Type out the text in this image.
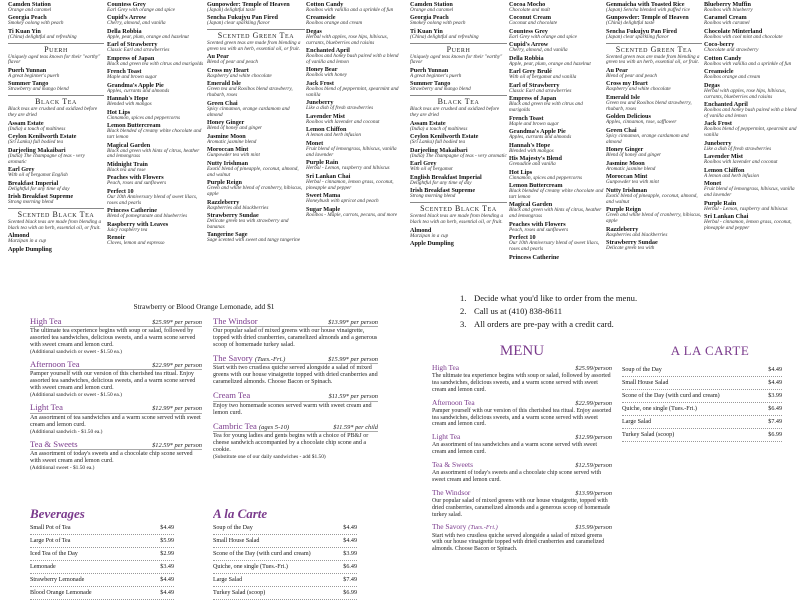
Camden Station
Orange and caramel
Georgia Peach
Smokey oolong with peach
Ti Kuan Yin
(China) delightful and refreshing
Puerh
Uniquely aged teas known for their "earthy" flavor
Puerh Yunnan
A great beginner's puerh
Summer Tango
Strawberry and mango blend
Black Tea
Black teas are crushed and oxidized before they are dried
Assam Estate
(India) a touch of maltiness
Ceylon Kenilworth Estate
(Sri Lanka) full bodied tea
Darjeeling Makaibari
(India) The champagne of teas - very aromatic
Earl Grey
With oil of bergamot English
Breakfast Imperial
Delightful for any time of day
Irish Breakfast Supreme
Strong morning blend
Scented Black Tea
Scented black teas are made from blending a black tea with an herb, essential oil, or fruit.
Almond
Marzipan in a cup
Apple Dumpling
Countess Grey
Earl Grey with orange and spice
Cupid's Arrow
Cherry, almond, and vanilla
Della Robbia
Apple, pear, plum, orange and hazelnut
Earl of Strawberry
Classic Earl and strawberries
Empress of Japan
Black and green tea with citrus and marigolds
French Toast
Maple and brown sugar
Grandma's Apple Pie
Apples, currants and almonds
Hannah's Hope
Blended with mangos
Hot Lips
Cinnamon, spices and peppercorns
Lemon Buttercream
Black blended of creamy white chocolate and tart lemon
Magical Garden
Black and green with hints of citrus, heather and lemongrass
Midnight Train
Black tea and rose
Peaches with Flowers
Peach, roses and sunflowers
Perfect 10
Our 10th Anniversary blend of sweet lilacs, roses and pearls
Princess Catherine
Blend of pomegranate and blueberries
Raspberry with Leaves
Juicy raspberry tea
Renoir
Cloves, lemon and espresso
Gunpowder: Temple of Heaven
(Japan) delightful taste
Sencha Fukujyu Pan Fired
(Japan) clear sparkling flavor
Scented Green Tea
Scented green teas are made from blending a green tea with an herb, essential oil, or fruit.
Au Pear
Blend of pear and peach
Cross my Heart
Raspberry and white chocolate
Emerald Isle
Green tea and Rooibos blend strawberry, rhubarb, roses
Green Chai
Spicy cinnamon, orange cardamom and almond
Honey Ginger
Blend of honey and ginger
Jasmine Moon
Aromatic jasmine blend
Moroccan Mint
Gunpowder tea with mint
Nutty Irishman
Exotic blend of pineapple, coconut, almond, and walnut
Purple Reign
Green and white blend of cranberry, hibiscus, apple
Razzleberry
Raspberries and blackberries
Strawberry Sundae
Delicate green tea with strawberry and bananas
Tangerine Sage
Sage scented with sweet and tangy tangerine
Cotton Candy
Rooibos with vanilla and a sprinkle of fun
Creamsicle
Rooibos orange and cream
Degas
Herbal with apples, rose hips, hibiscus, currants, blueberries and raisins
Enchanted April
Rooibos and honey bush paired with a blend of vanilla and lemon
Honey Bear
Rooibos with honey
Jack Frost
Rooibos blend of peppermint, spearmint and vanilla
Juneberry
Like a dish of fresh strawberries
Lavender Mist
Rooibos with lavender and coconut
Lemon Chiffon
A lemon and herb infusion
Monet
Fruit blend of lemongrass, hibiscus, vanilla and lavender
Purple Rain
Herbal - Lemon, raspberry and hibiscus
Sri Lankan Chai
Herbal - cinnamon, lemon grass, coconut, pineapple and pepper
Sweet Mama
Honeybush with apricot and peach
Sugar Maple
Rooibos - Maple, carrots, pecans, and more
Camden Station
Orange and caramel
Georgia Peach
Smokey oolong with peach
Ti Kuan Yin
(China) delightful and refreshing
Puerh
Uniquely aged teas known for their "earthy" flavor
Puerh Yunnan
A great beginner's puerh
Summer Tango
Strawberry and mango blend
Black Tea
Black teas are crushed and oxidized before they are dried
Assam Estate
(India) a touch of maltiness
Ceylon Kenilworth Estate
(Sri Lanka) full bodied tea
Darjeeling Makaibari
(India) The champagne of teas - very aromatic
Earl Grey
With oil of bergamot
English Breakfast Imperial
Delightful for any time of day
Irish Breakfast Supreme
Strong morning blend
Scented Black Tea
Scented black teas are made from blending a black tea with an herb, essential oil, or fruit.
Almond
Marzipan in a cup
Apple Dumpling
Cocoa Mocho
Chocolate and malt
Coconut Cream
Coconut and chocolate
Countess Grey
Earl Grey with orange and spice
Cupid's Arrow
Cherry, almond, and vanilla
Della Robbia
Apple, pear, plum, orange and hazelnut
Earl Grey Brulé
With oil of bergamot and vanilla
Earl of Strawberry
Classic Earl and strawberries
Empress of Japan
Black and green tea with citrus and marigolds
French Toast
Maple and brown sugar
Grandma's Apple Pie
Apples, currants and almonds
Hannah's Hope
Blended with mangos
His Majesty's Blend
Grenadine and vanilla
Hot Lips
Cinnamon, spices and peppercorns
Lemon Buttercream
Black blended of creamy white chocolate and tart lemon
Magical Garden
Black and green with hints of citrus, heather and lemongrass
Peaches with Flowers
Peach, roses and sunflowers
Perfect 10
Our 10th Anniversary blend of sweet lilacs, roses and pearls
Princess Catherine
Genmaicha with Toasted Rice
(Japan) Sencha blended with puffed rice
Gunpowder: Temple of Heaven
(China) delightful taste
Sencha Fukujyu Pan Fired
(Japan) clear sparkling flavor
Scented Green Tea
Scented green teas are made from blending a green tea with an herb, essential oil, or fruit.
Au Pear
Blend of pear and peach
Cross my Heart
Raspberry and white chocolate
Emerald Isle
Green tea and Rooibos blend strawberry, rhubarb, roses
Golden Delicious
Apples, cinnamon, rose, safflower
Green Chai
Spicy cinnamon, orange cardamom and almond
Honey Ginger
Blend of honey and ginger
Jasmine Moon
Aromatic jasmine blend
Moroccan Mint
Gunpowder tea with mint
Nutty Irishman
Exotic blend of pineapple, coconut, almond, and walnut
Purple Reign
Green and white blend of cranberry, hibiscus, apple
Razzleberry
Raspberries and blackberries
Strawberry Sundae
Delicate green tea with
Blueberry Muffin
Rooibos with blueberry
Caramel Cream
Rooibos with caramel
Chocolate Minterland
Rooibos with cool mint and chocolate
Coco-berry
Chocolate and strawberry
Cotton Candy
Rooibos with vanilla and a sprinkle of fun
Creamsicle
Rooibos orange and cream
Degas
Herbal with apples, rose hips, hibiscus, currants, blueberries and raisins
Enchanted April
Rooibos and honey bush paired with a blend of vanilla and lemon
Jack Frost
Rooibos blend of peppermint, spearmint and vanilla
Juneberry
Like a dish of fresh strawberries
Lavender Mist
Rooibos with lavender and coconut
Lemon Chiffon
A lemon and herb infusion
Monet
Fruit blend of lemongrass, hibiscus, vanilla and lavender
Purple Rain
Herbal - Lemon, raspberry and hibiscus
Sri Lankan Chai
Herbal - cinnamon, lemon grass, coconut, pineapple and pepper
Strawberry or Blood Orange Lemonade, add $1
High Tea	$25.99* per person
The ultimate tea experience begins with soup or salad, followed by assorted tea sandwiches, delicious sweets, and a warm scone served with sweet cream and lemon curd.
(Additional sandwich or sweet - $1.50 ea.)
Afternoon Tea	$22.99* per person
Pamper yourself with our version of this cherished tea ritual. Enjoy assorted tea sandwiches, delicious sweets, and a warm scone served with sweet cream and lemon curd.
(Additional sandwich or sweet - $1.50 ea.)
Light Tea	$12.99* per person
An assortment of tea sandwiches and a warm scone served with sweet cream and lemon curd.
(Additional sandwich - $1.50 ea.)
Tea & Sweets	$12.59* per person
An assortment of today's sweets and a chocolate chip scone served with sweet cream and lemon curd.
(Additional sweet - $1.50 ea.)
The Windsor	$13.99* per person
Our popular salad of mixed greens with our house vinaigrette, topped with dried cranberries, caramelized almonds and a generous scoop of homemade turkey salad.
The Savory (Tues.-Fri.)	$15.99* per person
Start with two crustless quiche served alongside a salad of mixed greens with our house vinaigrette topped with dried cranberries and caramelized almonds. Choose Bacon or Spinach.
Cream Tea	$11.59* per person
Enjoy two homemade scones served warm with sweet cream and lemon curd.
Cambric Tea (ages 5-10)	$11.59* per child
Tea for young ladies and gents begins with a choice of PB&J or cheese sandwich accompanied by a chocolate chip scone and a cookie.
(Substitute one of our daily sandwiches - add $1.50)
Beverages
Small Pot of Tea	$4.49
Large Pot of Tea	$5.99
Iced Tea of the Day	$2.99
Lemonade	$3.49
Strawberry Lemonade	$4.49
Blood Orange Lemonade	$4.49
A la Carte
Soup of the Day	$4.49
Small House Salad	$4.49
Scone of the Day (with curd and cream)	$3.99
Quiche, one single (Tues.-Fri.)	$6.49
Large Salad	$7.49
Turkey Salad (scoop)	$6.99
1. Decide what you'd like to order from the menu.
2. Call us at (410) 838-8611
3. All orders are pre-pay with a credit card.
MENU	A LA CARTE
High Tea	$25.99/person
The ultimate tea experience begins with soup or salad, followed by assorted tea sandwiches, delicious sweets, and a warm scone served with sweet cream and lemon curd.
Afternoon Tea	$22.99/person
Pamper yourself with our version of this cherished tea ritual. Enjoy assorted tea sandwiches, delicious sweets, and a warm scone served with sweet cream and lemon curd.
Light Tea	$12.99/person
An assortment of tea sandwiches and a warm scone served with sweet cream and lemon curd.
Tea & Sweets	$12.59/person
An assortment of today's sweets and a chocolate chip scone served with sweet cream and lemon curd.
The Windsor	$13.99/person
Our popular salad of mixed greens with our house vinaigrette, topped with dried cranberries, caramelized almonds and a generous scoop of homemade turkey salad.
The Savory (Tues.-Fri.)	$15.99/person
Start with two crustless quiche served alongside a salad of mixed greens with our house vinaigrette topped with dried cranberries and caramelized almonds. Choose Bacon or Spinach.
Soup of the Day	$4.49
Small House Salad	$4.49
Scone of the Day (with curd and cream)	$3.99
Quiche, one single (Tues.-Fri.)	$6.49
Large Salad	$7.49
Turkey Salad (scoop)	$6.99
